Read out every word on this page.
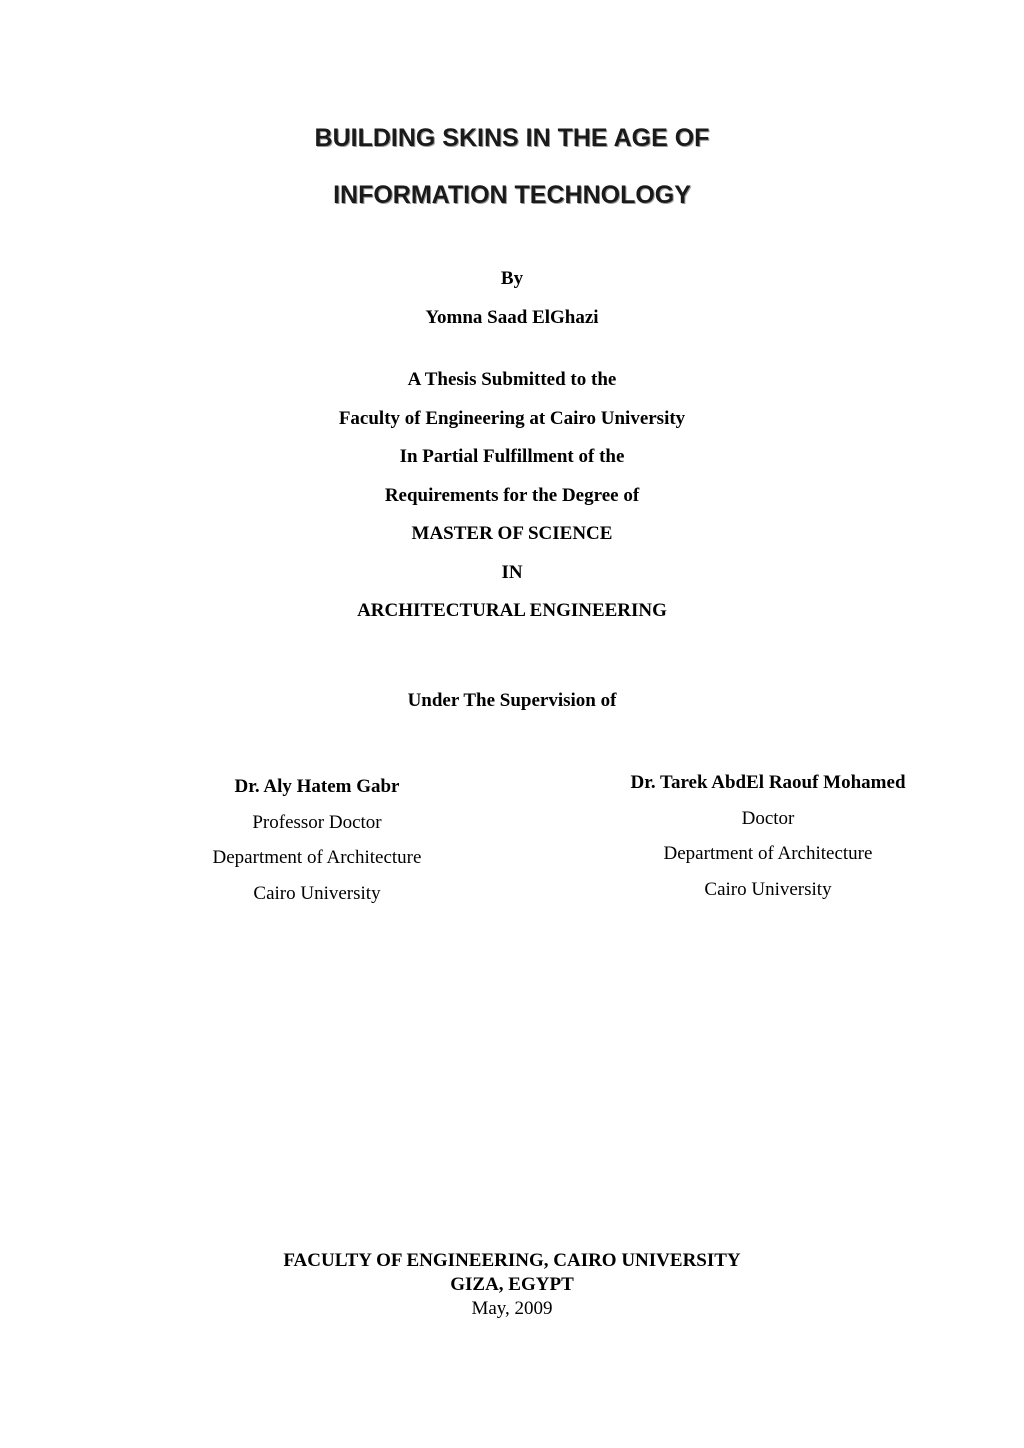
BUILDING SKINS IN THE AGE OF
INFORMATION TECHNOLOGY
By
Yomna Saad ElGhazi
A Thesis Submitted to the
Faculty of Engineering at Cairo University
In Partial Fulfillment of the
Requirements for the Degree of
MASTER OF SCIENCE
IN
ARCHITECTURAL ENGINEERING
Under The Supervision of
Dr. Aly Hatem Gabr
Professor Doctor
Department of Architecture
Cairo University
Dr. Tarek AbdEl Raouf Mohamed
Doctor
Department of Architecture
Cairo University
FACULTY OF ENGINEERING, CAIRO UNIVERSITY
GIZA, EGYPT
May, 2009
